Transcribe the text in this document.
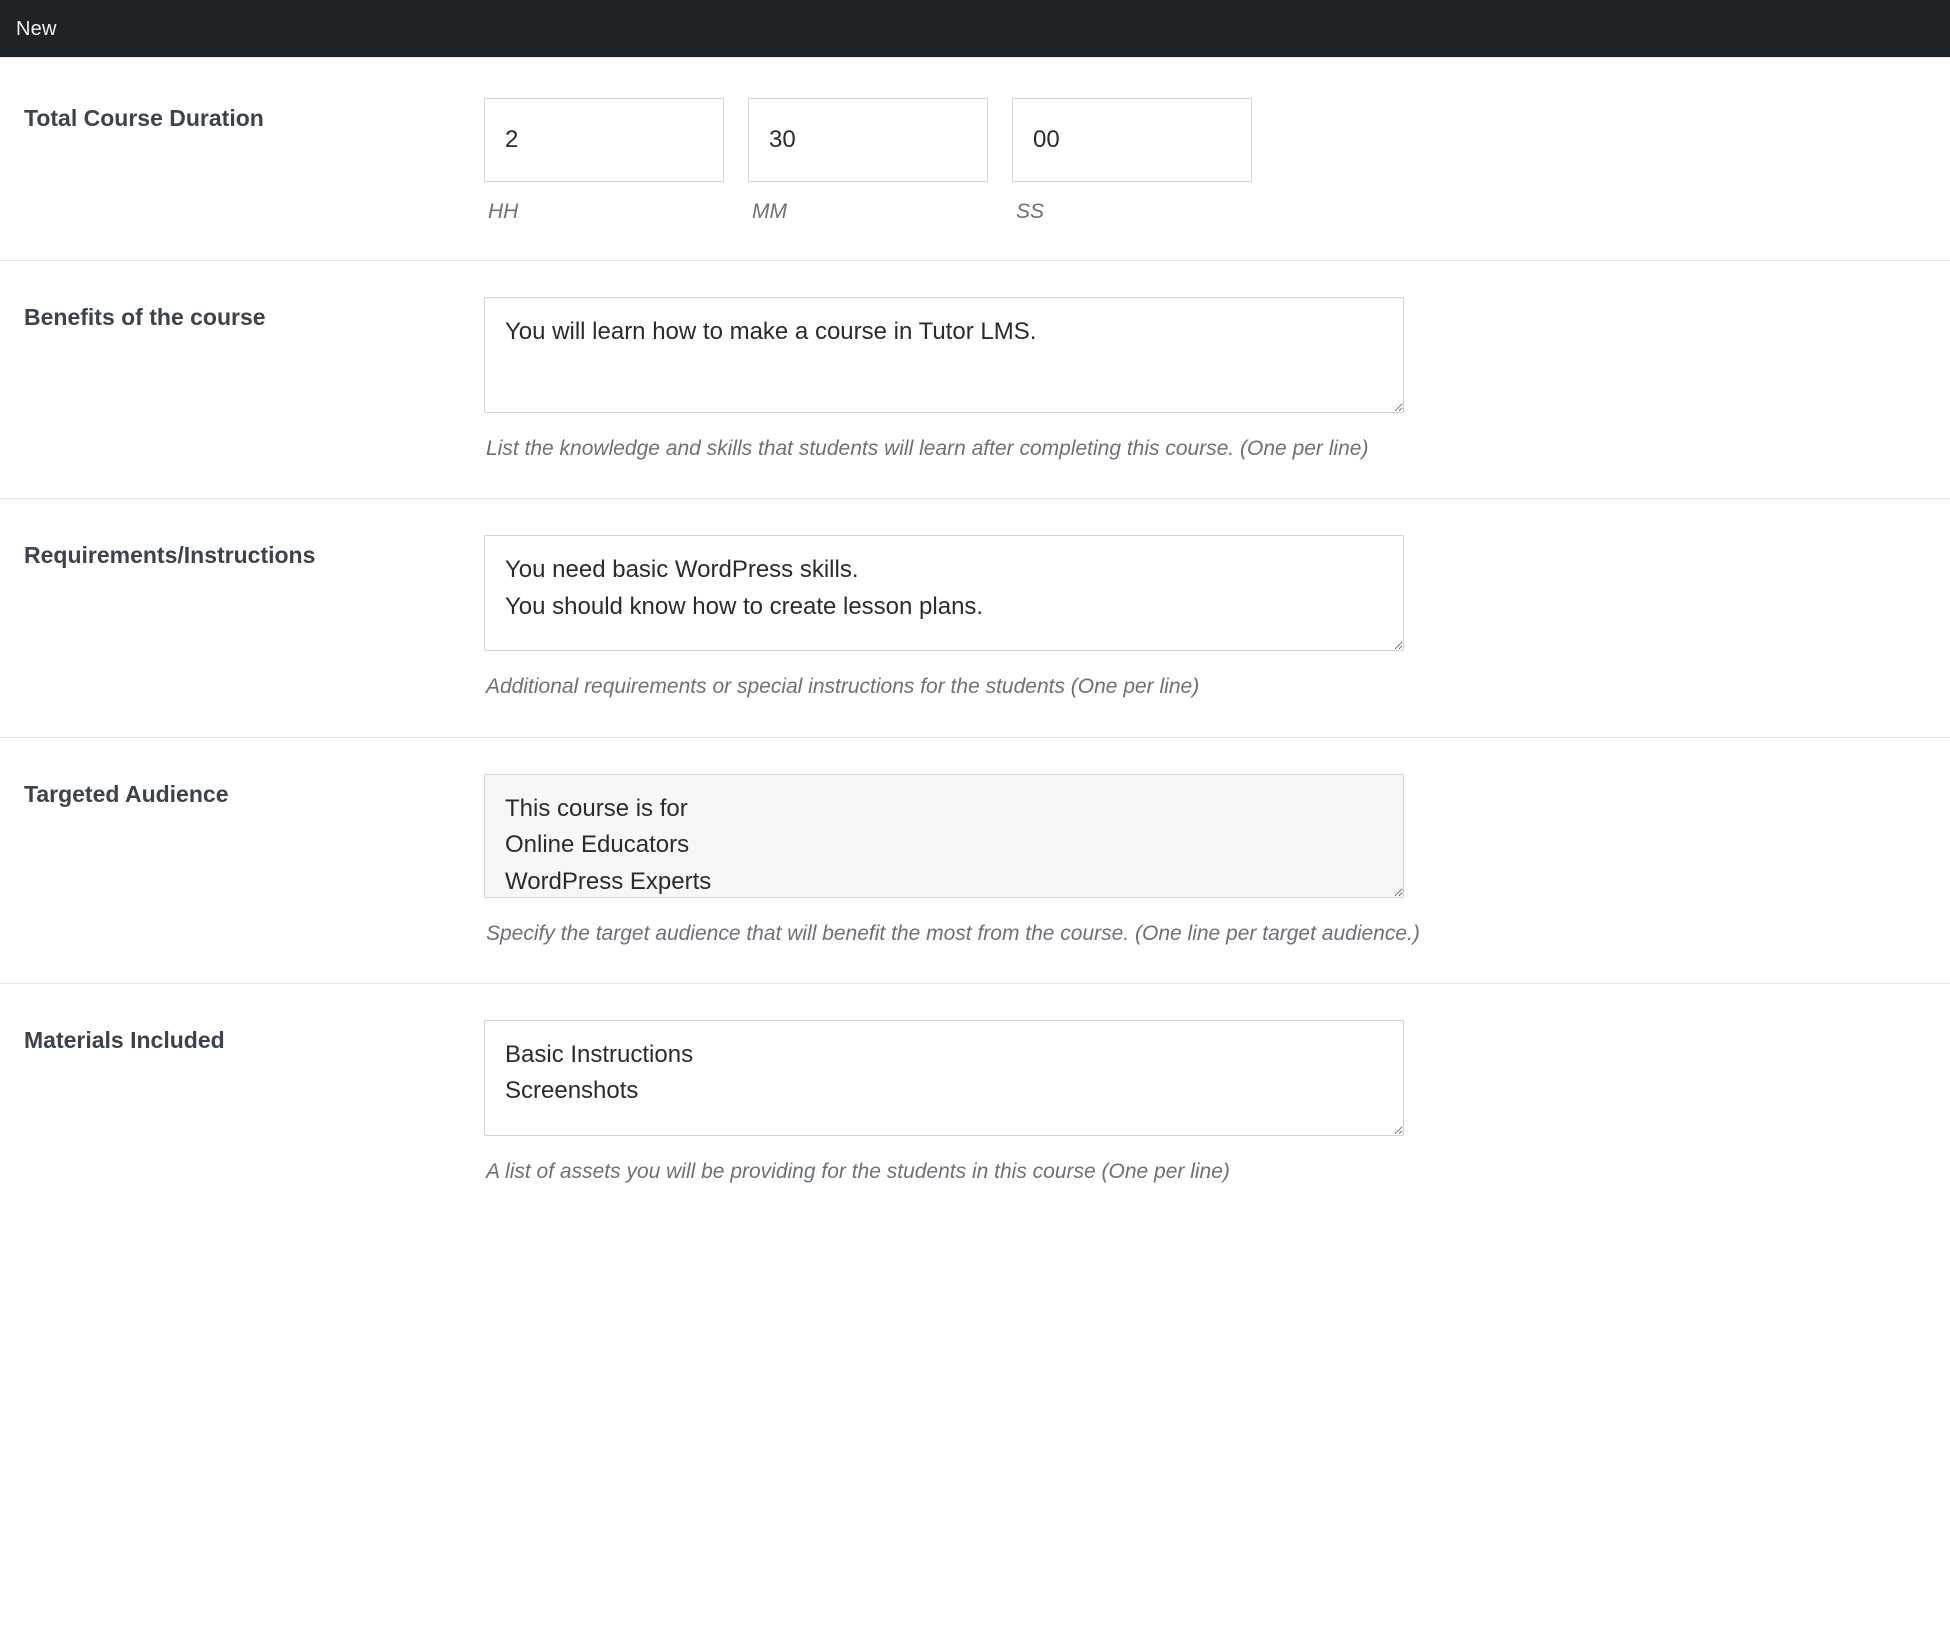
New
Total Course Duration
2
HH
30	MM
00	SS
Benefits of the course
You will learn how to make a course in Tutor LMS.
List the knowledge and skills that students will learn after completing this course. (One per line)
Requirements/Instructions
You need basic WordPress skills. You should know how to create lesson plans.
Additional requirements or special instructions for the students (One per line)
Targeted Audience
This course is for Online Educators WordPress Experts
Specify the target audience that will benefit the most from the course. (One line per target audience.)
Materials Included
Basic Instructions Screenshots
A list of assets you will be providing for the students in this course (One per line)
